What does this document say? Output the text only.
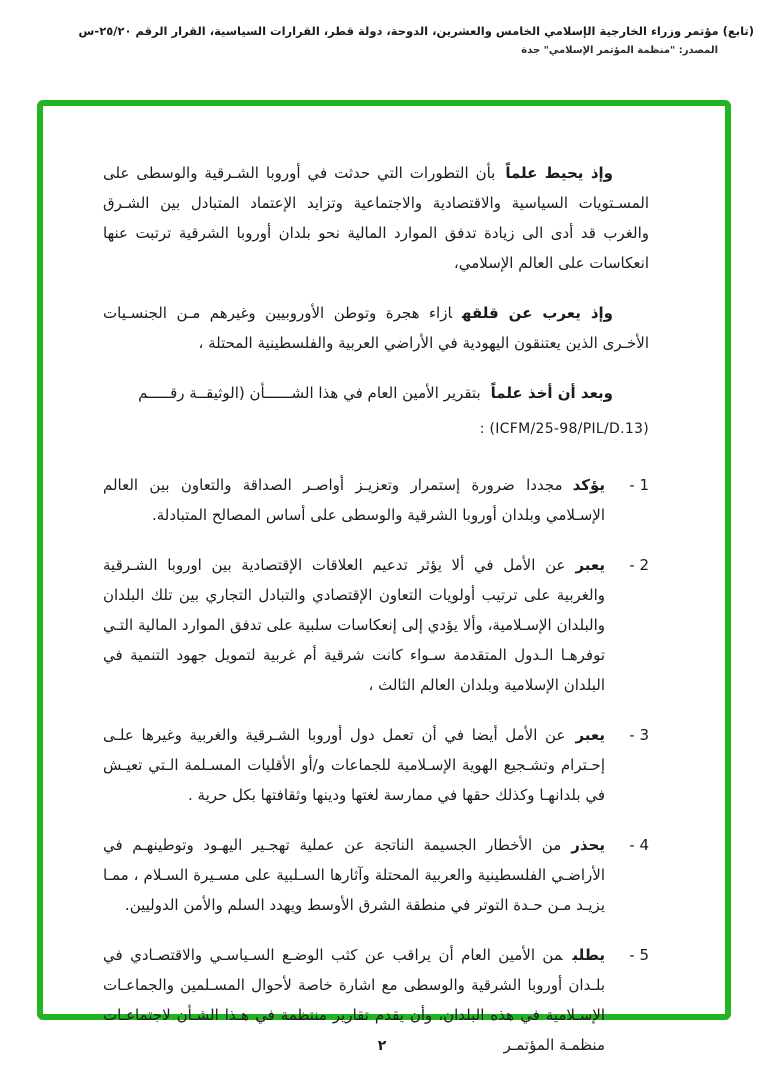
(تابع) مؤتمر وزراء الخارجية الإسلامي الخامس والعشرين، الدوحة، دولة قطر، القرارات السياسية، القرار الرقم ٢٥/٢٠-س
المصدر: "منظمة المؤتمر الإسلامي" جدة

وإذ يحيط علماًبأن التطورات التي حدثت في أوروبا الشـرقية والوسطى على المسـتويات السياسية والاقتصادية والاجتماعية وتزايد الإعتماد المتبادل بين الشـرق والغرب قد أدى الى زيادة تدفق الموارد المالية نحو بلدان أوروبا الشرقية ترتبت عنها انعكاسات على العالم الإسلامي،

وإذ يعرب عن قلقهازاء هجرة وتوطن الأوروبيين وغيرهم مـن الجنسـيات الأخـرى الذين يعتنقون اليهودية في الأراضي العربية والفلسطينية المحتلة ،

وبعد أن أخذ علماًبتقرير الأمين العام في هذا الشــــــأن (الوثيقــة رقـــــم

(ICFM/25-98/PIL/D.13) :

1 -
يؤكدمجددا ضرورة إستمرار وتعزيـز أواصـر الصداقة والتعاون بين العالم الإسـلامي وبلدان أوروبا الشرقية والوسطى على أساس المصالح المتبادلة.
2 -
يعبرعن الأمل في ألا يؤثر تدعيم العلاقات الإقتصادية بين اوروبا الشـرقية والغربية على ترتيب أولويات التعاون الإقتصادي والتبادل التجاري بين تلك البلدان والبلدان الإسـلامية، وألا يؤدي إلى إنعكاسات سلبية على تدفق الموارد المالية التـي توفرهـا الـدول المتقدمة سـواء كانت شرقية أم غربية لتمويل جهود التنمية في البلدان الإسلامية وبلدان العالم الثالث ،
3 -
يعبرعن الأمل أيضا في أن تعمل دول أوروبا الشـرقية والغربية وغيرها علـى إحـترام وتشـجيع الهوية الإسـلامية للجماعات و/أو الأقليات المسـلمة الـتي تعيـش في بلدانهـا وكذلك حقها في ممارسة لغتها ودينها وثقافتها بكل حرية .
4 -
يحذرمن الأخطار الجسيمة الناتجة عن عملية تهجـير اليهـود وتوطينهـم في الأراضـي الفلسطينية والعربية المحتلة وآثارها السـلبية على مسـيرة السـلام ، ممـا يزيـد مـن حـدة التوتر في منطقة الشرق الأوسط ويهدد السلم والأمن الدوليين.
5 -
يطلبمن الأمين العام أن يراقب عن كثب الوضـع السـياسـي والاقتصـادي في بلـدان أوروبا الشرقية والوسطى مع اشارة خاصة لأحوال المسـلمين والجماعـات الإسـلامية في هذه البلدان، وأن يقدم تقارير منتظمة في هـذا الشـأن لاجتماعـات منظمـة المؤتمـر
٢
